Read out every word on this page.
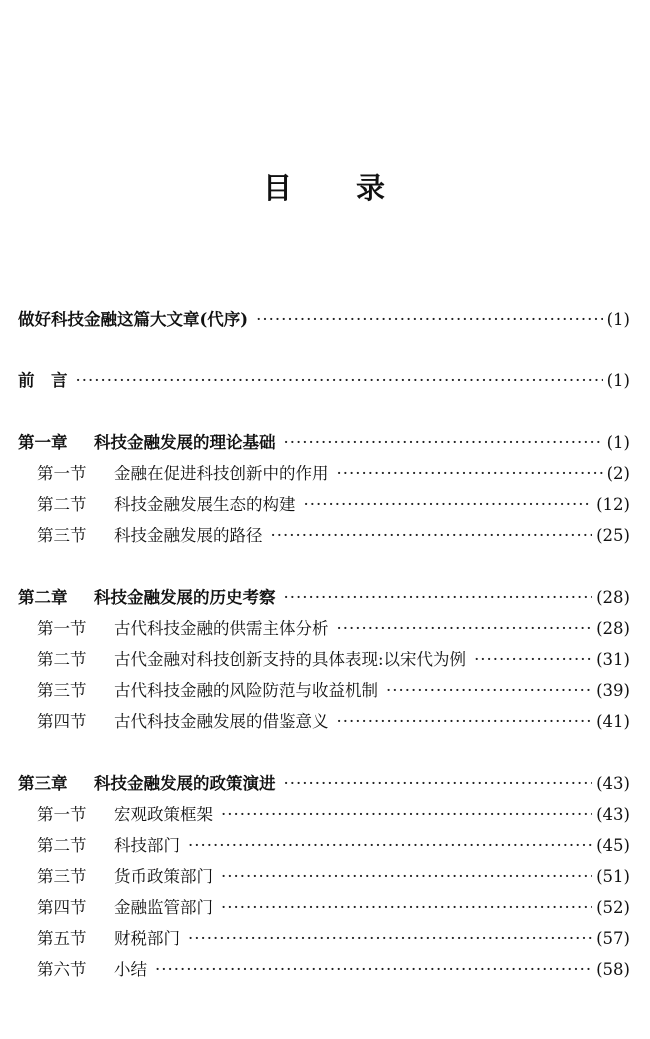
目 录
做好科技金融这篇大文章(代序) ·····	(1)
前　言 ·····	(1)
第一章 科技金融发展的理论基础 ·····	(1)
第一节 金融在促进科技创新中的作用 ·····	(2)
第二节 科技金融发展生态的构建 ·····	(12)
第三节 科技金融发展的路径 ·····	(25)
第二章 科技金融发展的历史考察 ·····	(28)
第一节 古代科技金融的供需主体分析 ·····	(28)
第二节 古代金融对科技创新支持的具体表现:以宋代为例 ·····	(31)
第三节 古代科技金融的风险防范与收益机制 ·····	(39)
第四节 古代科技金融发展的借鉴意义 ·····	(41)
第三章 科技金融发展的政策演进 ·····	(43)
第一节 宏观政策框架 ·····	(43)
第二节 科技部门 ·····	(45)
第三节 货币政策部门 ·····	(51)
第四节 金融监管部门 ·····	(52)
第五节 财税部门 ·····	(57)
第六节 小结 ·····	(58)
